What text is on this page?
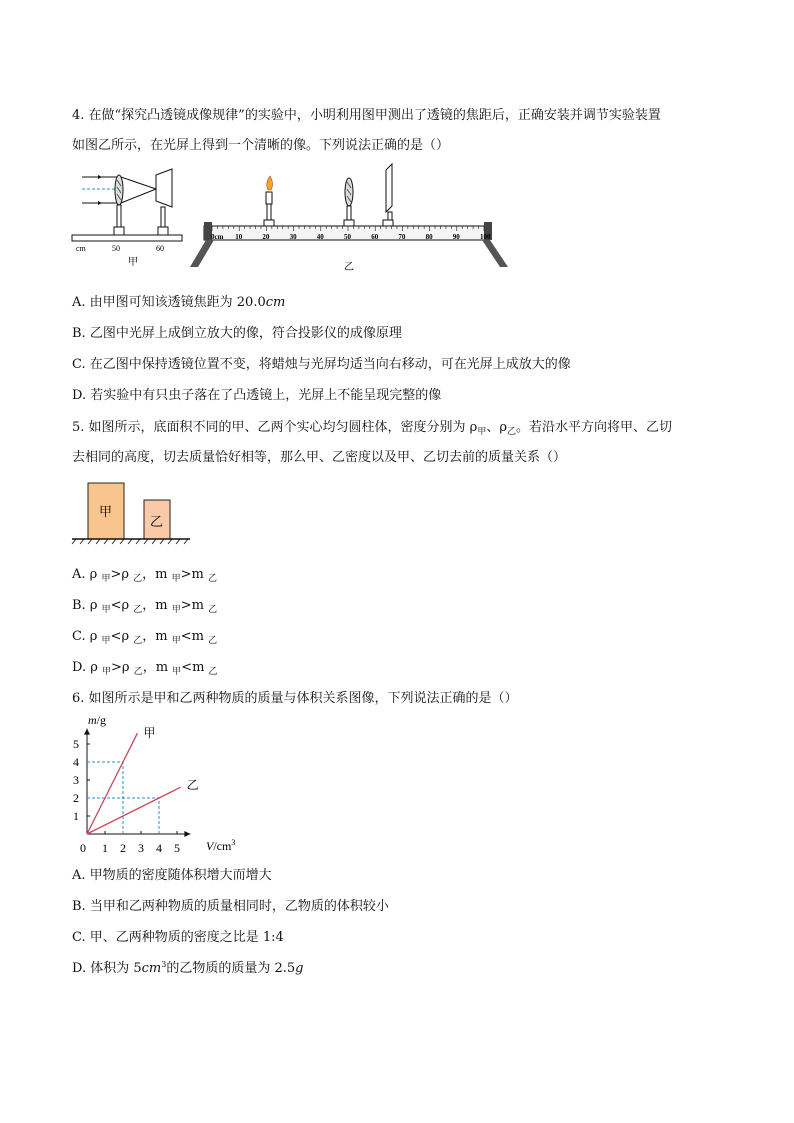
4. 在做“探究凸透镜成像规律”的实验中，小明利用图甲测出了透镜的焦距后，正确安装并调节实验装置
如图乙所示，在光屏上得到一个清晰的像。下列说法正确的是（）
cm	50	60
甲
0cm 10	20	30	40	50	60	70	80	90	100
乙
A. 由甲图可知该透镜焦距为 20.0cm
B. 乙图中光屏上成倒立放大的像，符合投影仪的成像原理
C. 在乙图中保持透镜位置不变，将蜡烛与光屏均适当向右移动，可在光屏上成放大的像
D. 若实验中有只虫子落在了凸透镜上，光屏上不能呈现完整的像
5. 如图所示，底面积不同的甲、乙两个实心均匀圆柱体，密度分别为 $\rho_甲$、$\rho_乙$。若沿水平方向将甲、乙切
去相同的高度，切去质量恰好相等，那么甲、乙密度以及甲、乙切去前的质量关系（）
甲
乙
A. ρ $_甲$>ρ $_乙$，m $_甲$>m $_乙$
B. ρ $_甲$<ρ $_乙$，m $_甲$>m $_乙$
C. ρ $_甲$<ρ $_乙$，m $_甲$<m $_乙$
D. ρ $_甲$>ρ $_乙$，m $_甲$<m $_乙$
6. 如图所示是甲和乙两种物质的质量与体积关系图像，下列说法正确的是（）
m/g
0	$V/cm^3$
1 2 3 4 5
1
2
3
4
5
甲
乙
A. 甲物质的密度随体积增大而增大
B. 当甲和乙两种物质的质量相同时，乙物质的体积较小
C. 甲、乙两种物质的密度之比是 1:4
D. 体积为 $5cm^3$的乙物质的质量为 2.5g
